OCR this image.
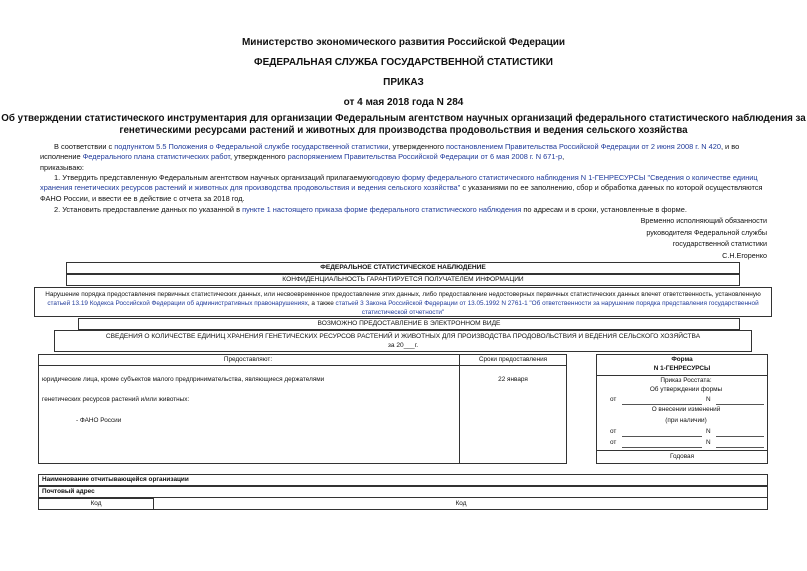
Министерство экономического развития Российской Федерации
ФЕДЕРАЛЬНАЯ СЛУЖБА ГОСУДАРСТВЕННОЙ СТАТИСТИКИ
ПРИКАЗ
от 4 мая 2018 года N 284
Об утверждении статистического инструментария для организации Федеральным агентством научных организаций федерального статистического наблюдения за
генетическими ресурсами растений и животных для производства продовольствия и ведения сельского хозяйства
В соответствии с подпунктом 5.5 Положения о Федеральной службе государственной статистики, утвержденного постановлением Правительства Российской Федерации от 2 июня 2008 г. N 420, и во исполнение Федерального плана статистических работ, утвержденного распоряжением Правительства Российской Федерации от 6 мая 2008 г. N 671-р,
приказываю:
1. Утвердить представленную Федеральным агентством научных организаций прилагаемуюгодовую форму федерального статистического наблюдения N 1-ГЕНРЕСУРСЫ "Сведения о количестве единиц хранения генетических ресурсов растений и животных для производства продовольствия и ведения сельского хозяйства" с указаниями по ее заполнению, сбор и обработка данных по которой осуществляются ФАНО России, и ввести ее в действие с отчета за 2018 год.
2. Установить предоставление данных по указанной в пункте 1 настоящего приказа форме федерального статистического наблюдения по адресам и в сроки, установленные в форме.
Временно исполняющий обязанности
руководителя Федеральной службы
государственной статистики
С.Н.Егоренко
ФЕДЕРАЛЬНОЕ СТАТИСТИЧЕСКОЕ НАБЛЮДЕНИЕ
КОНФИДЕНЦИАЛЬНОСТЬ ГАРАНТИРУЕТСЯ ПОЛУЧАТЕЛЕМ ИНФОРМАЦИИ
Нарушение порядка предоставления первичных статистических данных, или несвоевременное предоставление этих данных, либо предоставление недостоверных первичных статистических данных влечет ответственность, установленную статьей 13.19 Кодекса Российской Федерации об административных правонарушениях, а также статьей 3 Закона Российской Федерации от 13.05.1992 N 2761-1 "Об ответственности за нарушение порядка представления государственной статистической отчетности"
ВОЗМОЖНО ПРЕДОСТАВЛЕНИЕ В ЭЛЕКТРОННОМ ВИДЕ
СВЕДЕНИЯ О КОЛИЧЕСТВЕ ЕДИНИЦ ХРАНЕНИЯ ГЕНЕТИЧЕСКИХ РЕСУРСОВ РАСТЕНИЙ И ЖИВОТНЫХ ДЛЯ ПРОИЗВОДСТВА ПРОДОВОЛЬСТВИЯ И ВЕДЕНИЯ СЕЛЬСКОГО ХОЗЯЙСТВА
за 20___г.
Предоставляют:	Сроки предоставления
юридические лица, кроме субъектов малого предпринимательства, являющиеся держателями
генетических ресурсов растений и/или животных:
- ФАНО России
22 января
Форма
N 1-ГЕНРЕСУРСЫ
Приказ Росстата:
Об утверждении формы
от	N
О внесении изменений
(при наличии)
от	N
от	N
Годовая
Наименование отчитывающейся организации
Почтовый адрес
Код	Код
